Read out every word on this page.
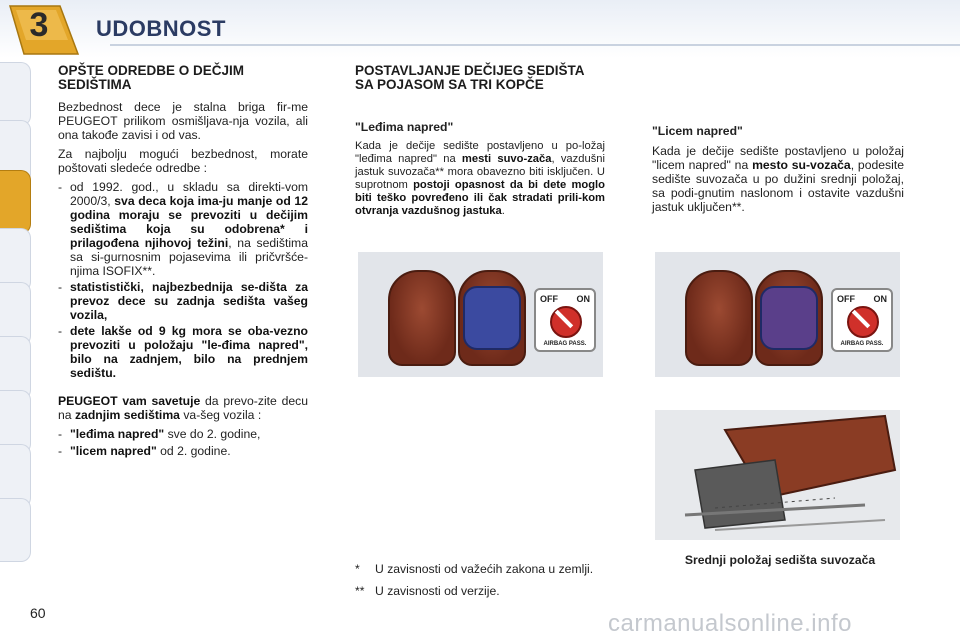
3	UDOBNOST
OPŠTE ODREDBE O DEČJIM SEDIŠTIMA

Bezbednost dece je stalna briga fir-me PEUGEOT prilikom osmišljava-nja vozila, ali ona takođe zavisi i od vas.

Za najbolju mogući bezbednost, morate poštovati sledeće odredbe :

- od 1992. god., u skladu sa direkti-vom 2000/3, sva deca koja ima-ju manje od 12 godina moraju se prevoziti u dečijim sedištima koja su odobrena* i prilagođena njihovoj težini, na sedištima sa si-gurnosnim pojasevima ili pričvršće-njima ISOFIX**.
- statististički, najbezbednija se-dišta za prevoz dece su zadnja sedišta vašeg vozila,
- dete lakše od 9 kg mora se oba-vezno prevoziti u položaju "le-đima napred", bilo na zadnjem, bilo na prednjem sedištu.

PEUGEOT vam savetuje da prevo-zite decu na zadnjim sedištima va-šeg vozila :

- "leđima napred" sve do 2. godine,
- "licem napred" od 2. godine.
POSTAVLJANJE DEČIJEG SEDIŠTA SA POJASOM SA TRI KOPČE
"Leđima napred"
Kada je dečije sedište postavljeno u po-ložaj "leđima napred" na mesti suvo-zača, vazdušni jastuk suvozača** mora obavezno biti isključen. U suprotnom postoji opasnost da bi dete moglo biti teško povređeno ili čak stradati prili-kom otvranja vazdušnog jastuka.
"Licem napred"
Kada je dečije sedište postavljeno u položaj "licem napred" na mesto su-vozača, podesite sedište suvozača u po dužini srednji položaj, sa podi-gnutim naslonom i ostavite vazdušni jastuk uključen**.
OFF ON
AIRBAG PASS.
OFF ON
AIRBAG PASS.
*	U zavisnosti od važećih zakona u zemlji.
** U zavisnosti od verzije.
Srednji položaj sedišta suvozača
60	carmanualsonline.info
